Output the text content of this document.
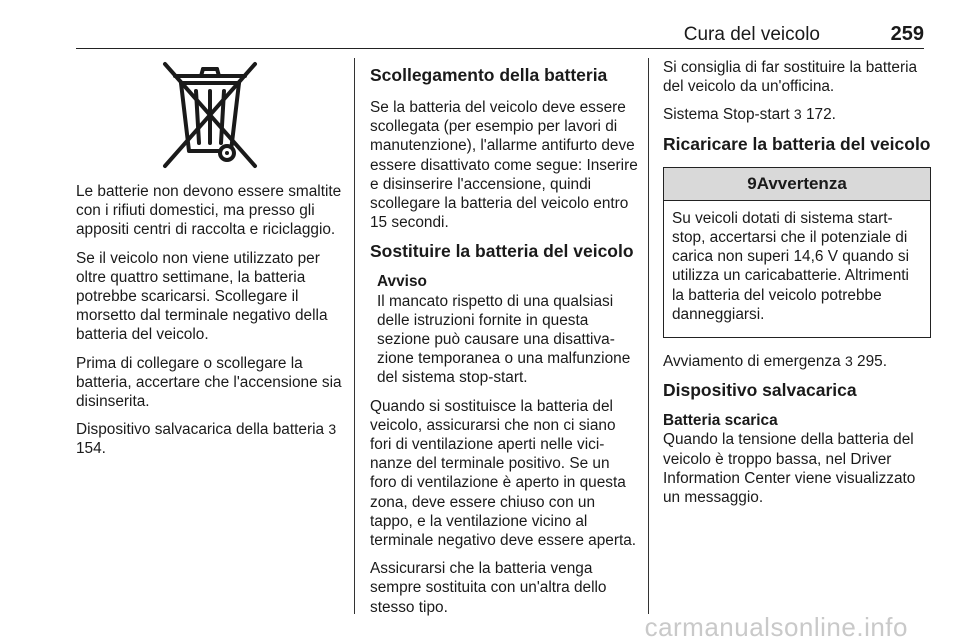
Cura del veicolo	259

Le batterie non devono essere smaltite con i rifiuti domestici, ma presso gli appositi centri di raccolta e riciclaggio.

Se il veicolo non viene utilizzato per oltre quattro settimane, la batteria potrebbe scaricarsi. Scollegare il morsetto dal terminale negativo della batteria del veicolo.

Prima di collegare o scollegare la batteria, accertare che l'accensione sia disinserita.

Dispositivo salvacarica della batteria 3 154.

Scollegamento della batteria

Se la batteria del veicolo deve essere scollegata (per esempio per lavori di manutenzione), l'allarme antifurto deve essere disattivato come segue: Inserire e disinserire l'accensione, quindi scollegare la batteria del veicolo entro 15 secondi.

Sostituire la batteria del veicolo
Avviso

Il mancato rispetto di una qualsiasi delle istruzioni fornite in questa sezione può causare una disattivazione temporanea o una malfunzione del sistema stop-start.

Quando si sostituisce la batteria del veicolo, assicurarsi che non ci siano fori di ventilazione aperti nelle vicinanze del terminale positivo. Se un foro di ventilazione è aperto in questa zona, deve essere chiuso con un tappo, e la ventilazione vicino al terminale negativo deve essere aperta.

Assicurarsi che la batteria venga sempre sostituita con un'altra dello stesso tipo.

Si consiglia di far sostituire la batteria del veicolo da un'officina.

Sistema Stop-start 3 172.

Ricaricare la batteria del veicolo
9Avvertenza

Su veicoli dotati di sistema start-stop, accertarsi che il potenziale di carica non superi 14,6 V quando si utilizza un caricabatterie. Altrimenti la batteria del veicolo potrebbe danneggiarsi.

Avviamento di emergenza 3 295.

Dispositivo salvacarica
Batteria scarica

Quando la tensione della batteria del veicolo è troppo bassa, nel Driver Information Center viene visualizzato un messaggio.

carmanualsonline.info
